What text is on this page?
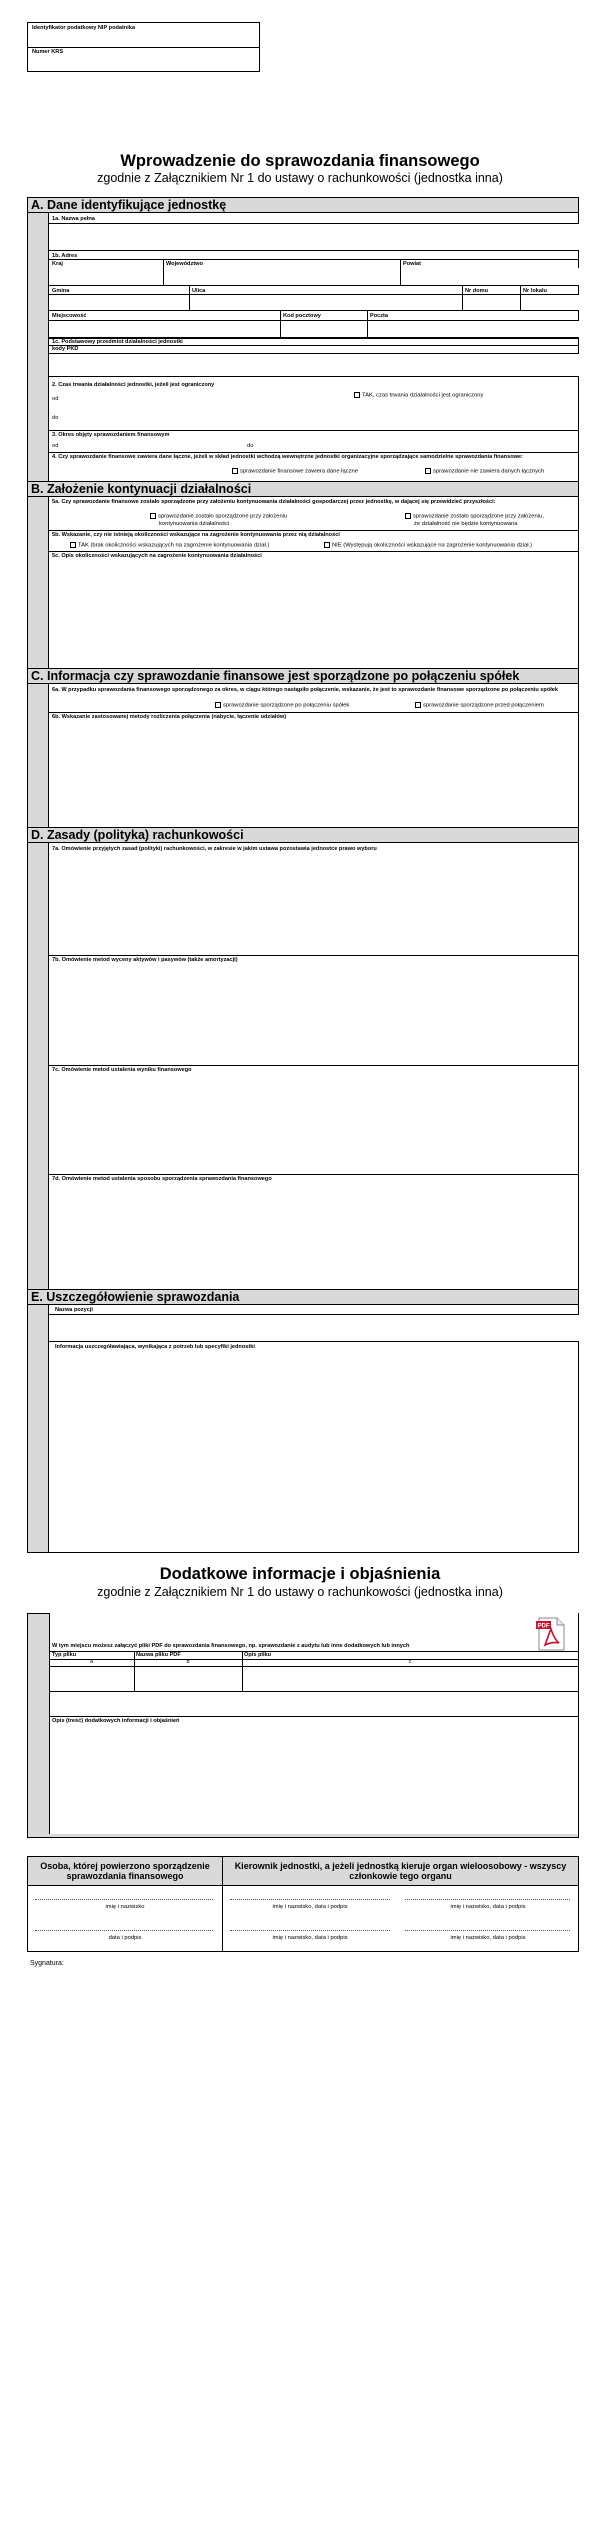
Identyfikator podatkowy NIP podatnika
Numer KRS
Wprowadzenie do sprawozdania finansowego
zgodnie z Załącznikiem Nr 1 do ustawy o rachunkowości (jednostka inna)
A. Dane identyfikujące jednostkę
1a. Nazwa pełna
1b. Adres
Kraj	Województwo	Powiat
Gmina	Ulica	Nr domu	Nr lokalu
Miejscowość	Kod pocztowy	Poczta
1c. Podstawowy przedmiot działalności jednostki
kody PKD
2. Czas trwania działalności jednostki, jeżeli jest ograniczony
od
do
TAK, czas trwania działalności jest ograniczony
3. Okres objęty sprawozdaniem finansowym
od	do
4. Czy sprawozdanie finansowe zawiera dane łączne, jeżeli w skład jednostki wchodzą wewnętrzne jednostki organizacyjne sporządzające samodzielne sprawozdania finansowe:
sprawozdanie finansowe zawiera dane łączne	sprawozdanie nie zawiera danych łącznych
B. Założenie kontynuacji działalności
5a. Czy sprawozdanie finansowe zostało sporządzone przy założeniu kontynuowania działalności gospodarczej przez jednostkę, w dającej się przewidzieć przyszłości:
sprawozdanie zostało sporządzone przy założeniu
kontynuowania działalności
sprawozdanie zostało sporządzone przy założeniu,
że działalność nie będzie kontynuowana
5b. Wskazanie, czy nie istnieją okoliczności wskazujące na zagrożenie kontynuowania przez nią działalności
TAK (brak okoliczności wskazujących na zagrożenie kontynuowania dział.)	NIE (Występują okoliczności wskazujące na zagrożenie kontynuowania dział.)
5c. Opis okoliczności wskazujących na zagrożenie kontynuowania działalności
C. Informacja czy sprawozdanie finansowe jest sporządzone po połączeniu spółek
6a. W przypadku sprawozdania finansowego sporządzonego za okres, w ciągu którego nastąpiło połączenie, wskazanie, że jest to sprawozdanie finansowe sporządzone po połączeniu spółek
sprawozdanie sporządzone po połączeniu spółek	sprawozdanie sporządzone przed połączeniem
6b. Wskazanie zastosowanej metody rozliczenia połączenia (nabycie, łączenie udziałów)
D. Zasady (polityka) rachunkowości
7a. Omówienie przyjętych zasad (polityki) rachunkowości, w zakresie w jakim ustawa pozostawia jednostce prawo wyboru
7b. Omówienie metod wyceny aktywów i pasywów (także amortyzacji)
7c. Omówienie metod ustalenia wyniku finansowego
7d. Omówienie metod ustalenia sposobu sporządzenia sprawozdania finansowego
E. Uszczegółowienie sprawozdania
Nazwa pozycji
Informacja uszczegóławiająca, wynikająca z potrzeb lub specyfiki jednostki
Dodatkowe informacje i objaśnienia
zgodnie z Załącznikiem Nr 1 do ustawy o rachunkowości (jednostka inna)
PDF
W tym miejscu możesz załączyć pliki PDF do sprawozdania finansowego, np. sprawozdanie z audytu lub inne dodatkowych lub innych
Typ pliku	Nazwa pliku PDF	Opis pliku
a	b	c
Opis (treść) dodatkowych informacji i objaśnień
Osoba, której powierzono sporządzenie sprawozdania finansowego
Kierownik jednostki, a jeżeli jednostką kieruje organ wieloosobowy - wszyscy członkowie tego organu
imię i nazwisko
data i podpis
imię i nazwisko, data i podpis	imię i nazwisko, data i podpis
imię i nazwisko, data i podpis	imię i nazwisko, data i podpis
Sygnatura:
